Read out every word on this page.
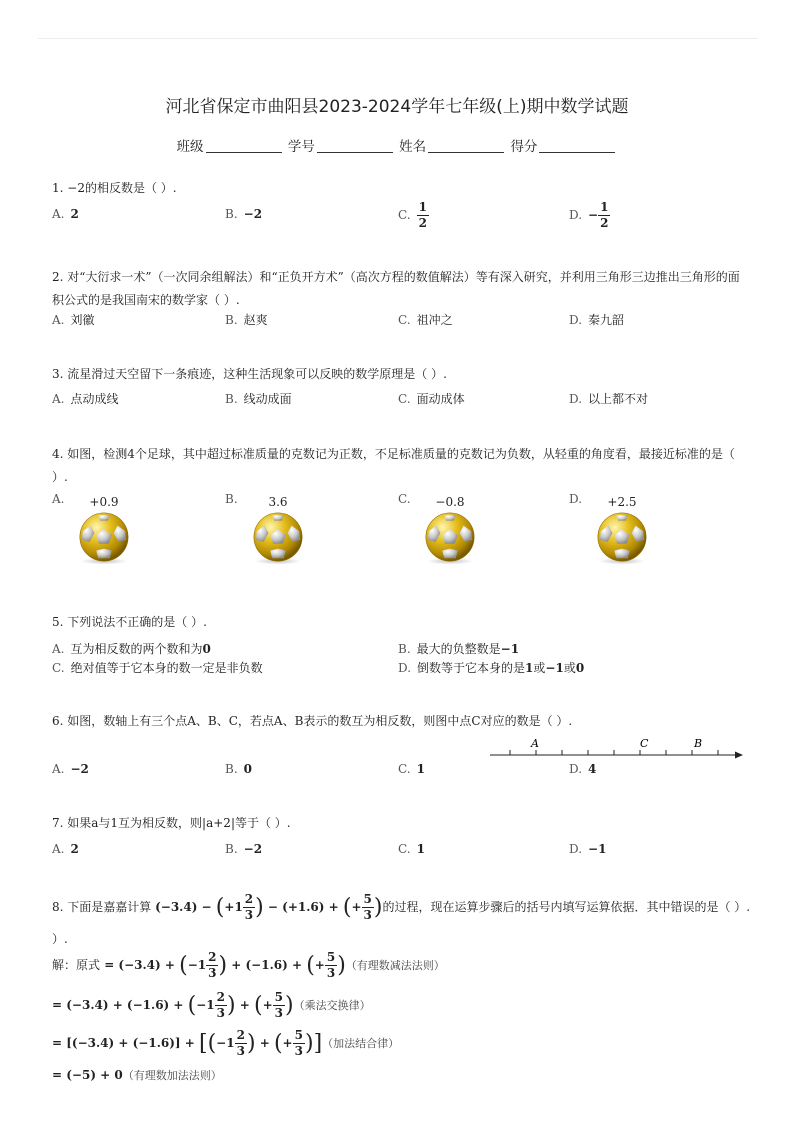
河北省保定市曲阳县2023-2024学年七年级(上)期中数学试题
班级	学号	姓名	得分
1. −2的相反数是（ ）.
A. 2	B. −2	C. $\frac{1}{2}$	D. − $\frac{1}{2}$
2. 对“大衍求一术”（一次同余组解法）和“正负开方术”（高次方程的数值解法）等有深入研究，并利用三角形三边推出三角形的面积公式的是我国南宋的数学家（ ）.
A. 刘徽	B. 赵爽	C. 祖冲之	D. 秦九韶
3. 流星滑过天空留下一条痕迹，这种生活现象可以反映的数学原理是（ ）.
A. 点动成线	B. 线动成面	C. 面动成体	D. 以上都不对
4. 如图，检测4个足球，其中超过标准质量的克数记为正数，不足标准质量的克数记为负数，从轻重的角度看，最接近标准的是（ ）.
A.	+0.9	B.	3.6	C.	−0.8	D.	+2.5
5. 下列说法不正确的是（ ）.
A. 互为相反数的两个数和为0	B. 最大的负整数是−1
C. 绝对值等于它本身的数一定是非负数	D. 倒数等于它本身的是1或−1或0
6. 如图，数轴上有三个点A、B、C，若点A、B表示的数互为相反数，则图中点C对应的数是（ ）.
A. −2	B. 0	C. 1	D. 4
A	C	B
7. 如果a与1互为相反数，则|a+2|等于（ ）.
A. 2	B. −2	C. 1	D. −1
8. 下面是嘉嘉计算 $(-3.4) - (+1 \frac{2}{3}$ ) − (+1.6) + (+ $\frac{5}{3}$ )的过程，现在运算步骤后的括号内填写运算依据．其中错误的是（ ）.
）.
解：原式 = $(-3.4) + (-1 \frac{2}{3}$ ) + (−1.6) + (+ $\frac{5}{3}$ )（有理数减法法则）
= $(-3.4) + (-1.6) + (-1 \frac{2}{3}$ ) + (+ $\frac{5}{3}$ )（乘法交换律）
= $[(-3.4) + (-1.6)] + [(-1 \frac{2}{3}$ ) + (+ $\frac{5}{3}$ )]（加法结合律）
= (−5) + 0（有理数加法法则）
